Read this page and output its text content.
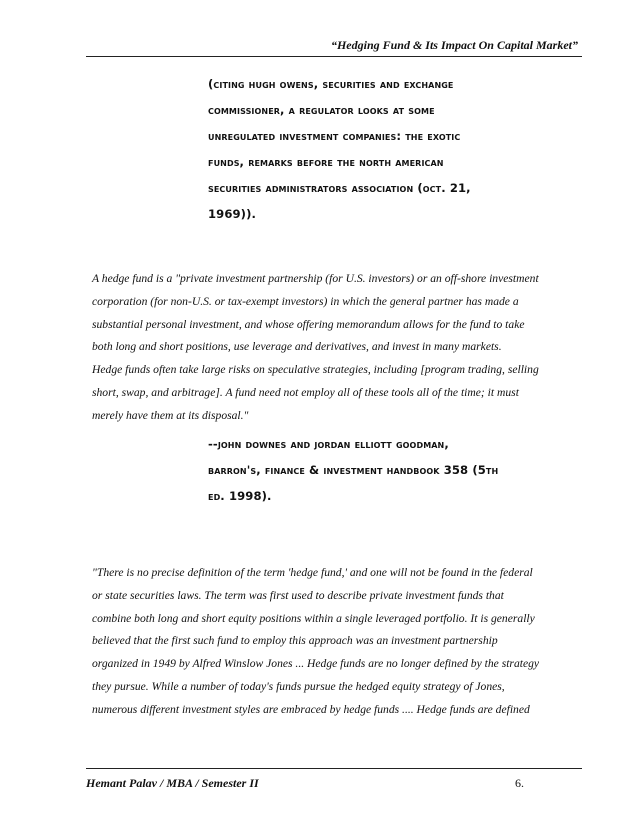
“Hedging Fund & Its Impact On Capital Market”
(citing hugh owens, securities and exchange
commissioner, a regulator looks at some
unregulated investment companies: the exotic
funds, remarks before the north american
securities administrators association (oct. 21,
1969)).
A hedge fund is a "private investment partnership (for U.S. investors) or an off-shore investment
corporation (for non-U.S. or tax-exempt investors) in which the general partner has made a
substantial personal investment, and whose offering memorandum allows for the fund to take
both long and short positions, use leverage and derivatives, and invest in many markets.
Hedge funds often take large risks on speculative strategies, including [program trading, selling
short, swap, and arbitrage]. A fund need not employ all of these tools all of the time; it must
merely have them at its disposal."
--john downes and jordan elliott goodman,
barron's, finance & investment handbook 358 (5th
ed. 1998).
"There is no precise definition of the term 'hedge fund,' and one will not be found in the federal
or state securities laws. The term was first used to describe private investment funds that
combine both long and short equity positions within a single leveraged portfolio. It is generally
believed that the first such fund to employ this approach was an investment partnership
organized in 1949 by Alfred Winslow Jones ... Hedge funds are no longer defined by the strategy
they pursue. While a number of today's funds pursue the hedged equity strategy of Jones,
numerous different investment styles are embraced by hedge funds .... Hedge funds are defined
Hemant Palav / MBA / Semester II	6.
